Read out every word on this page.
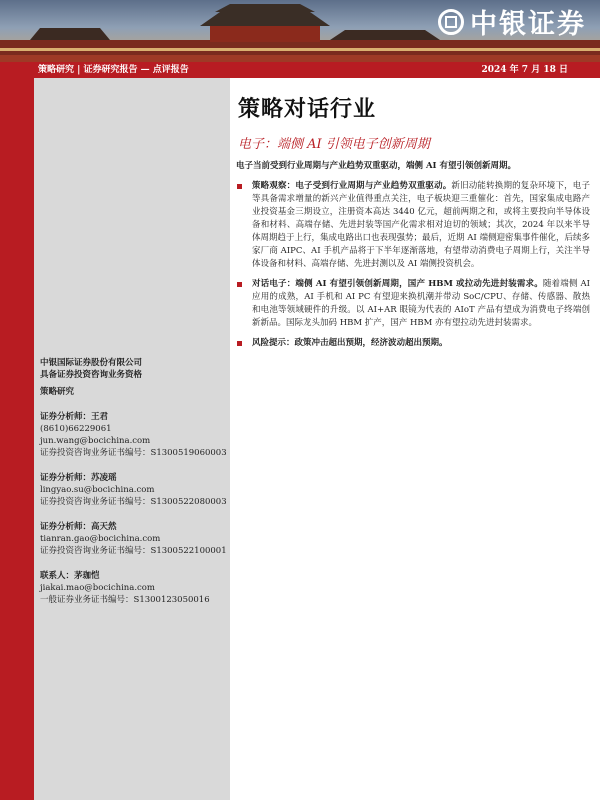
中银证券
策略研究 | 证券研究报告 — 点评报告	2024 年 7 月 18 日
中银国际证券股份有限公司
具备证券投资咨询业务资格
策略研究
证券分析师：王君
(8610)66229061
jun.wang@bocichina.com
证券投资咨询业务证书编号：S1300519060003
证券分析师：苏凌瑶
lingyao.su@bocichina.com
证券投资咨询业务证书编号：S1300522080003
证券分析师：高天然
tianran.gao@bocichina.com
证券投资咨询业务证书编号：S1300522100001
联系人：茅珈恺
jiakai.mao@bocichina.com
一般证券业务证书编号：S1300123050016
策略对话行业
电子：端侧 AI 引领电子创新周期
电子当前受到行业周期与产业趋势双重驱动，端侧 AI 有望引领创新周期。
策略观察：电子受到行业周期与产业趋势双重驱动。新旧动能转换期的复杂环境下，电子等具备需求增量的新兴产业值得重点关注，电子板块迎三重催化：首先，国家集成电路产业投资基金三期设立，注册资本高达 3440 亿元，超前两期之和，或将主要投向半导体设备和材料、高端存储、先进封装等国产化需求相对迫切的领域；其次，2024 年以来半导体周期趋于上行，集成电路出口也表现强势；最后，近期 AI 端侧迎密集事件催化，后续多家厂商 AIPC、AI 手机产品将于下半年逐渐落地，有望带动消费电子周期上行，关注半导体设备和材料、高端存储、先进封测以及 AI 端侧投资机会。
对话电子：端侧 AI 有望引领创新周期，国产 HBM 或拉动先进封装需求。随着端侧 AI 应用的成熟，AI 手机和 AI PC 有望迎来换机潮并带动 SoC/CPU、存储、传感器、散热和电池等领域硬件的升级。以 AI+AR 眼镜为代表的 AIoT 产品有望成为消费电子终端创新新品。国际龙头加码 HBM 扩产，国产 HBM 亦有望拉动先进封装需求。
风险提示：政策冲击超出预期，经济波动超出预期。
